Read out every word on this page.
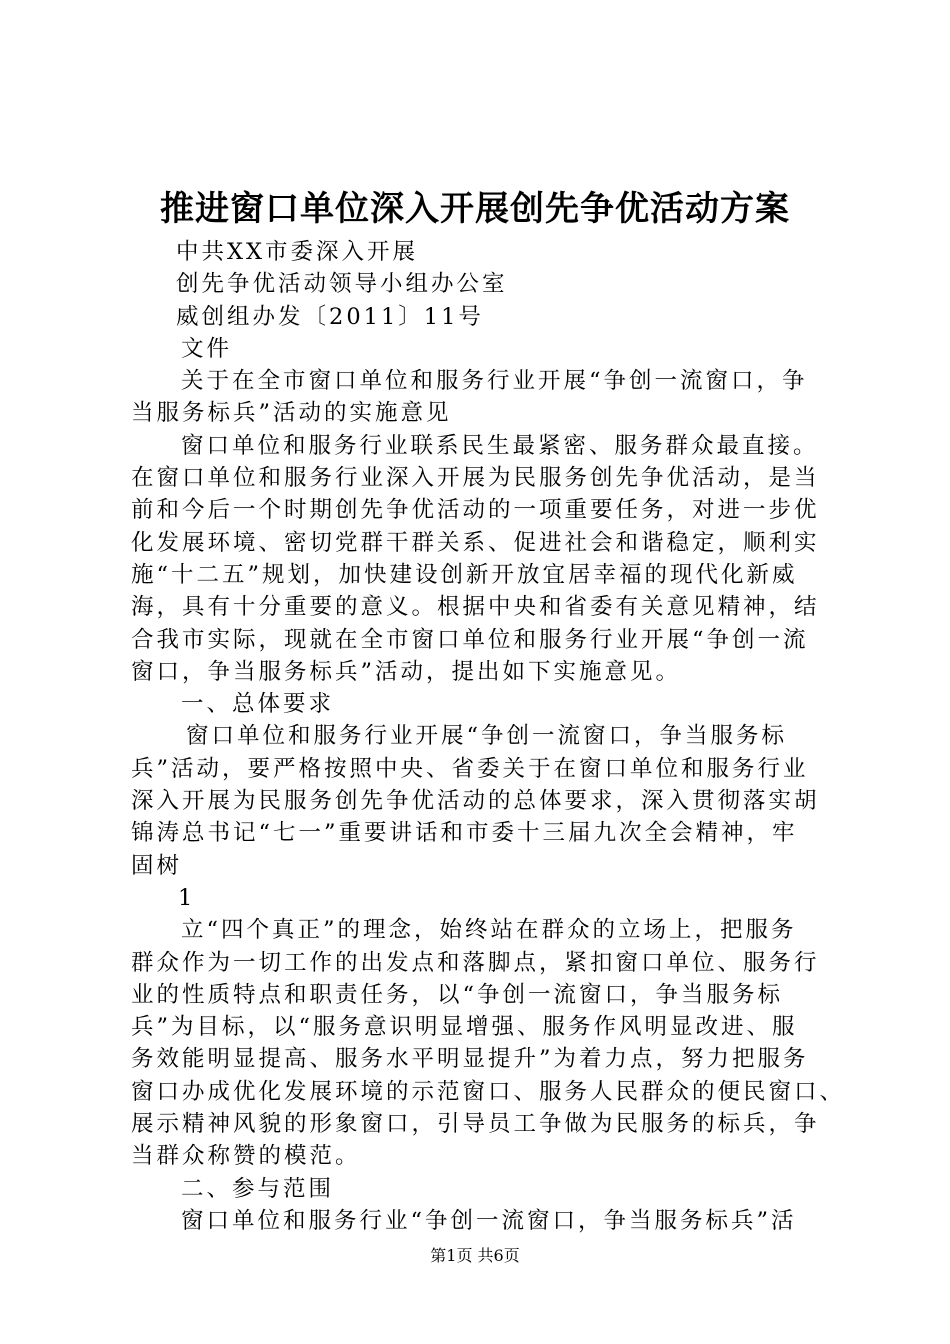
推进窗口单位深入开展创先争优活动方案
中共XX市委深入开展
创先争优活动领导小组办公室
威创组办发〔2011〕11号
文件
关于在全市窗口单位和服务行业开展“争创一流窗口，争
当服务标兵”活动的实施意见
窗口单位和服务行业联系民生最紧密、服务群众最直接。
在窗口单位和服务行业深入开展为民服务创先争优活动，是当
前和今后一个时期创先争优活动的一项重要任务，对进一步优
化发展环境、密切党群干群关系、促进社会和谐稳定，顺利实
施“十二五”规划，加快建设创新开放宜居幸福的现代化新威
海，具有十分重要的意义。根据中央和省委有关意见精神，结
合我市实际，现就在全市窗口单位和服务行业开展“争创一流
窗口，争当服务标兵”活动，提出如下实施意见。
一、总体要求
窗口单位和服务行业开展“争创一流窗口，争当服务标
兵”活动，要严格按照中央、省委关于在窗口单位和服务行业
深入开展为民服务创先争优活动的总体要求，深入贯彻落实胡
锦涛总书记“七一”重要讲话和市委十三届九次全会精神，牢
固树
1
立“四个真正”的理念，始终站在群众的立场上，把服务
群众作为一切工作的出发点和落脚点，紧扣窗口单位、服务行
业的性质特点和职责任务，以“争创一流窗口，争当服务标
兵”为目标，以“服务意识明显增强、服务作风明显改进、服
务效能明显提高、服务水平明显提升”为着力点，努力把服务
窗口办成优化发展环境的示范窗口、服务人民群众的便民窗口、
展示精神风貌的形象窗口，引导员工争做为民服务的标兵，争
当群众称赞的模范。
二、参与范围
窗口单位和服务行业“争创一流窗口，争当服务标兵”活
第1页 共6页
